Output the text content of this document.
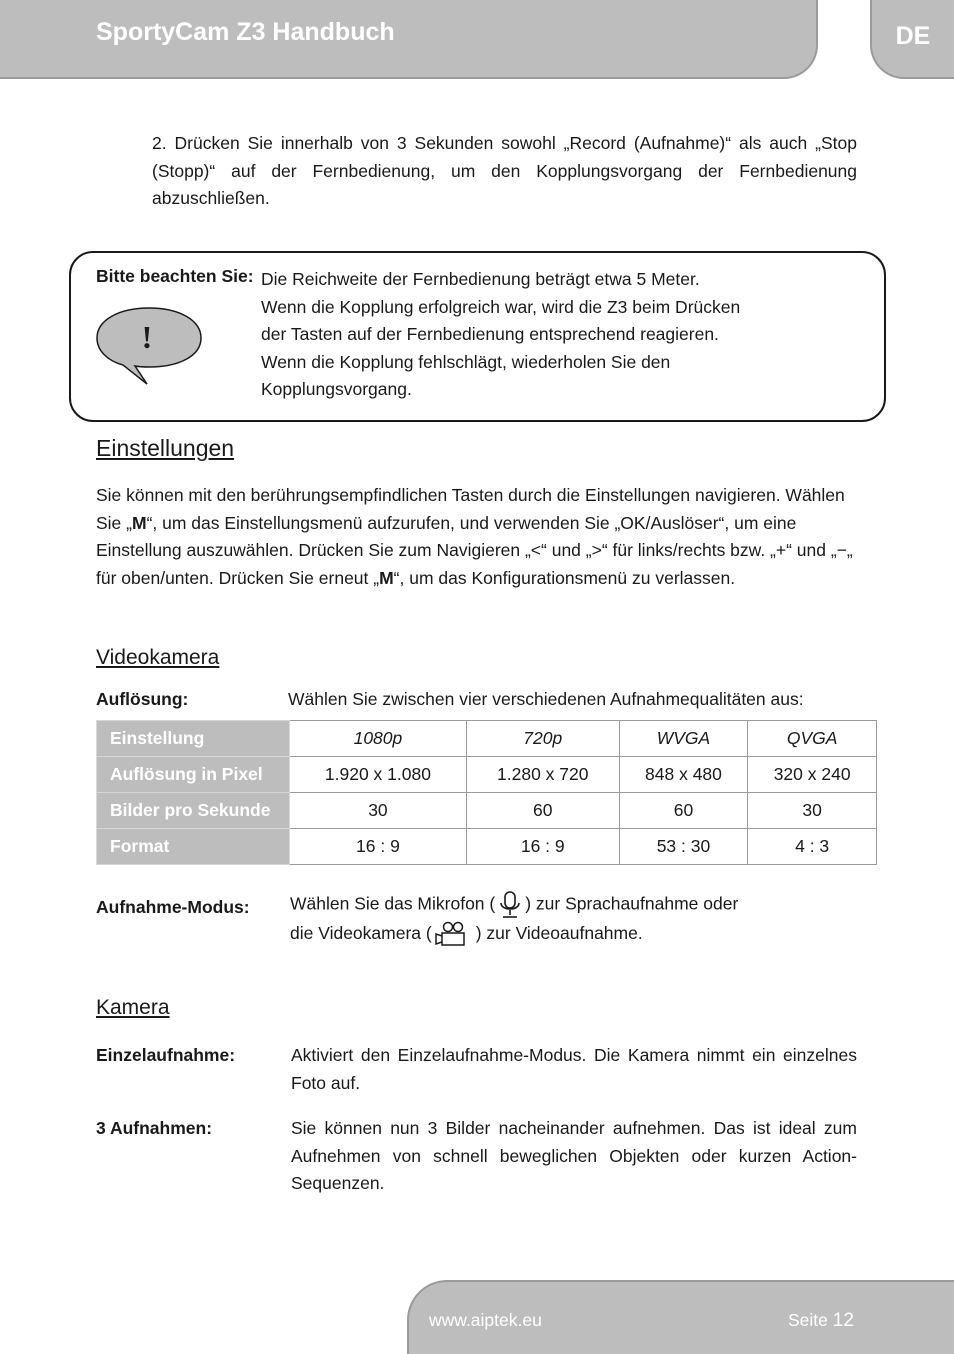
SportyCam Z3 Handbuch	DE
2. Drücken Sie innerhalb von 3 Sekunden sowohl „Record (Aufnahme)“ als auch „Stop (Stopp)“ auf der Fernbedienung, um den Kopplungsvorgang der Fernbedienung abzuschließen.
Bitte beachten Sie:
!
Die Reichweite der Fernbedienung beträgt etwa 5 Meter.
Wenn die Kopplung erfolgreich war, wird die Z3 beim Drücken
der Tasten auf der Fernbedienung entsprechend reagieren.
Wenn die Kopplung fehlschlägt, wiederholen Sie den
Kopplungsvorgang.
Einstellungen
Sie können mit den berührungsempfindlichen Tasten durch die Einstellungen navigieren. Wählen Sie „M“, um das Einstellungsmenü aufzurufen, und verwenden Sie „OK/Auslöser“, um eine Einstellung auszuwählen. Drücken Sie zum Navigieren „<“ und „>“ für links/rechts bzw. „+“ und „−„ für oben/unten. Drücken Sie erneut „M“, um das Konfigurationsmenü zu verlassen.
Videokamera
Auflösung:	Wählen Sie zwischen vier verschiedenen Aufnahmequalitäten aus:
Einstellung	1080p	720p	WVGA	QVGA
Auflösung in Pixel	1.920 x 1.080	1.280 x 720	848 x 480	320 x 240
Bilder pro Sekunde	30	60	60	30
Format	16 : 9	16 : 9	53 : 30	4 : 3
Aufnahme-Modus: Wählen Sie das Mikrofon ( ) zur Sprachaufnahme oder
die Videokamera (	) zur Videoaufnahme.
Kamera
Einzelaufnahme:	Aktiviert den Einzelaufnahme-Modus. Die Kamera nimmt ein einzelnes Foto auf.
3 Aufnahmen:	Sie können nun 3 Bilder nacheinander aufnehmen. Das ist ideal zum Aufnehmen von schnell beweglichen Objekten oder kurzen Action-Sequenzen.
www.aiptek.eu	Seite 12
